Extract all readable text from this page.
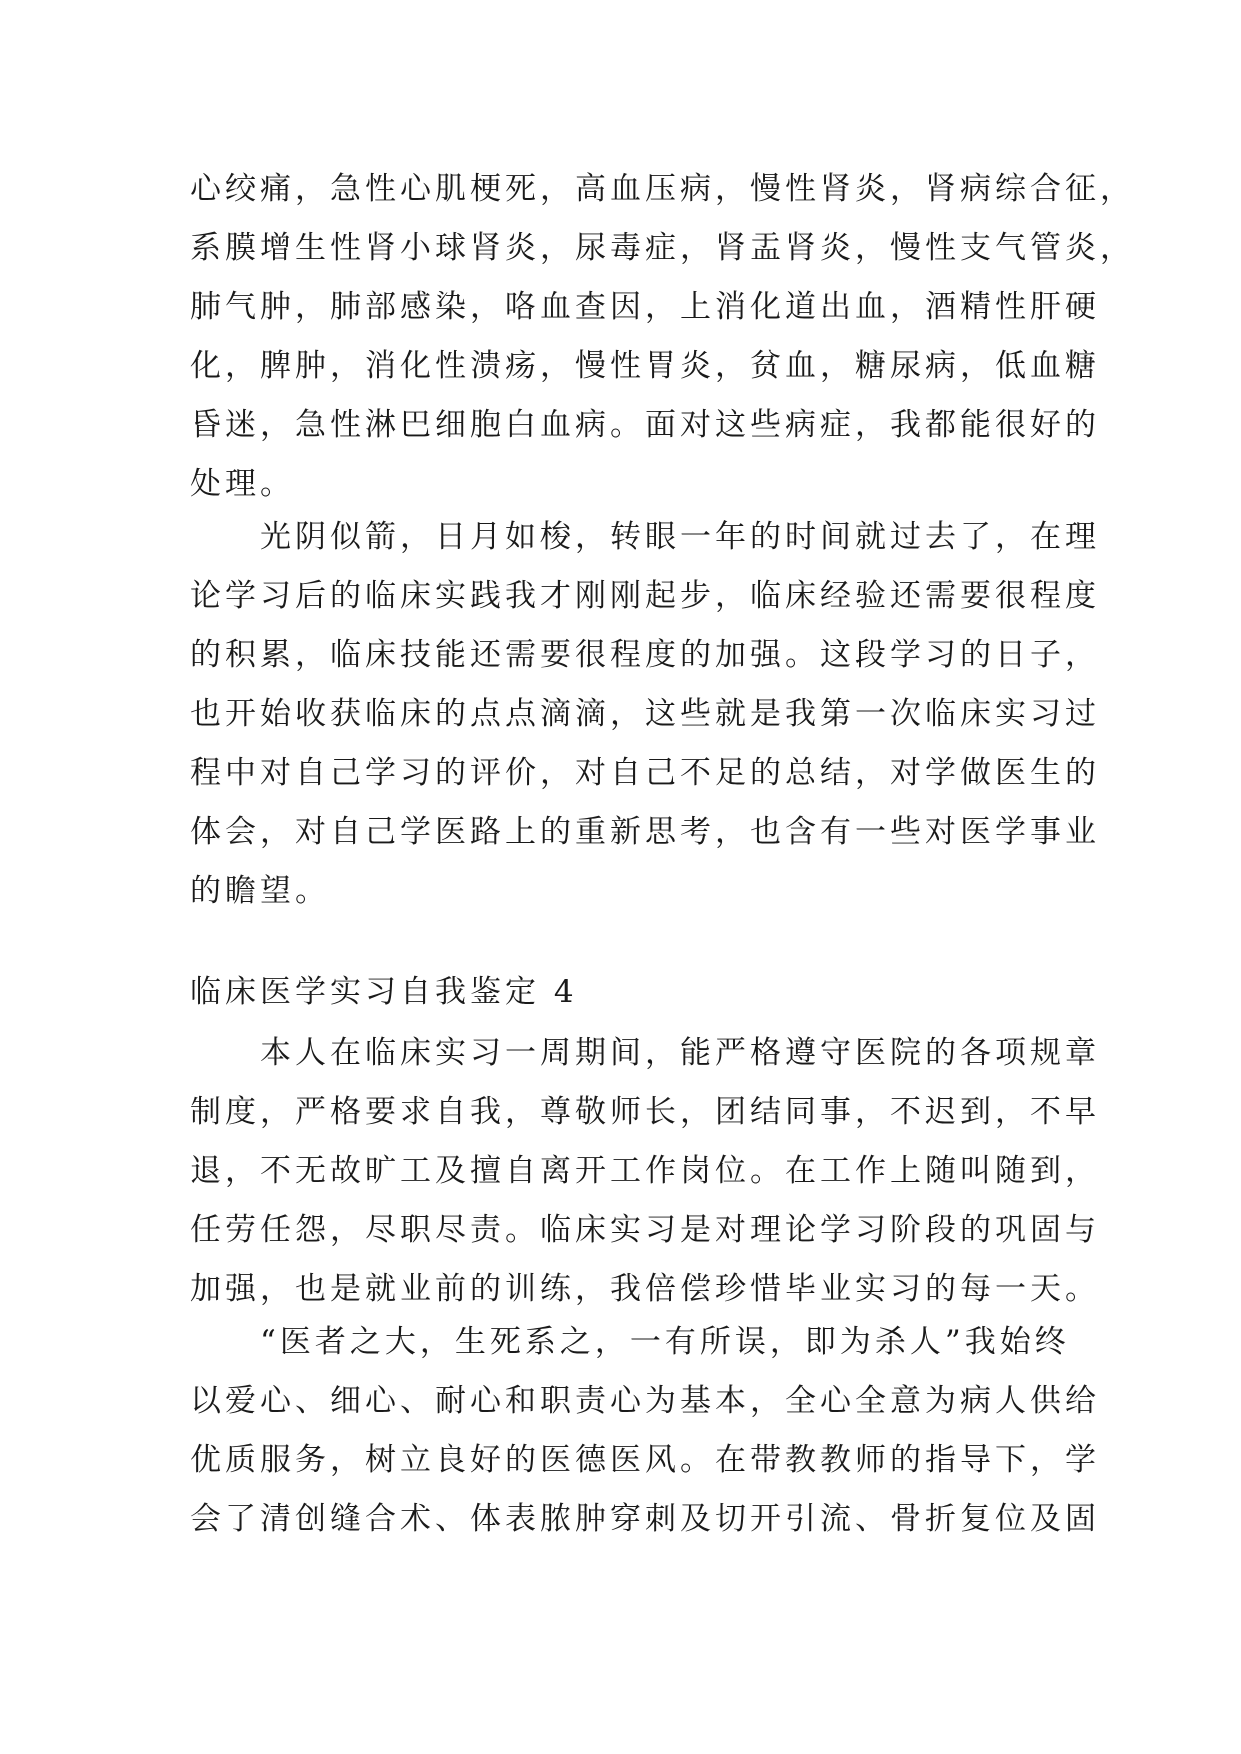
心绞痛，急性心肌梗死，高血压病，慢性肾炎，肾病综合征，
系膜增生性肾小球肾炎，尿毒症，肾盂肾炎，慢性支气管炎，
肺气肿，肺部感染，咯血查因，上消化道出血，酒精性肝硬
化，脾肿，消化性溃疡，慢性胃炎，贫血，糖尿病，低血糖
昏迷，急性淋巴细胞白血病。面对这些病症，我都能很好的
处理。
　　光阴似箭，日月如梭，转眼一年的时间就过去了，在理
论学习后的临床实践我才刚刚起步，临床经验还需要很程度
的积累，临床技能还需要很程度的加强。这段学习的日子，
也开始收获临床的点点滴滴，这些就是我第一次临床实习过
程中对自己学习的评价，对自己不足的总结，对学做医生的
体会，对自己学医路上的重新思考，也含有一些对医学事业
的瞻望。
临床医学实习自我鉴定 4
　　本人在临床实习一周期间，能严格遵守医院的各项规章
制度，严格要求自我，尊敬师长，团结同事，不迟到，不早
退，不无故旷工及擅自离开工作岗位。在工作上随叫随到，
任劳任怨，尽职尽责。临床实习是对理论学习阶段的巩固与
加强，也是就业前的训练，我倍偿珍惜毕业实习的每一天。
　　“医者之大，生死系之，一有所误，即为杀人”我始终
以爱心、细心、耐心和职责心为基本，全心全意为病人供给
优质服务，树立良好的医德医风。在带教教师的指导下，学
会了清创缝合术、体表脓肿穿刺及切开引流、骨折复位及固
